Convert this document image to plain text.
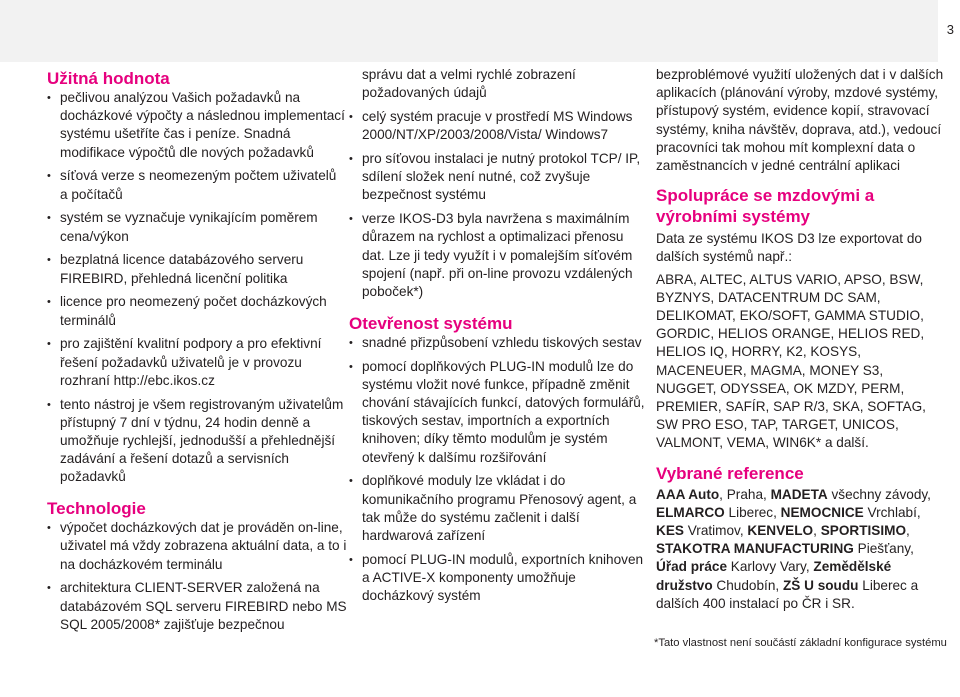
3
Užitná hodnota
• pečlivou analýzou Vašich požadavků na docházkové výpočty a následnou implementací systému ušetříte čas i peníze. Snadná modifikace výpočtů dle nových požadavků
• síťová verze s neomezeným počtem uživatelů a počítačů
• systém se vyznačuje vynikajícím poměrem cena/výkon
• bezplatná licence databázového serveru FIREBIRD, přehledná licenční politika
• licence pro neomezený počet docházkových terminálů
• pro zajištění kvalitní podpory a pro efektivní řešení požadavků uživatelů je v provozu rozhraní http://ebc.ikos.cz
• tento nástroj je všem registrovaným uživatelům přístupný 7 dní v týdnu, 24 hodin denně a umožňuje rychlejší, jednodušší a přehlednější zadávání a řešení dotazů a servisních požadavků
Technologie
• výpočet docházkových dat je prováděn on-line, uživatel má vždy zobrazena aktuální data, a to i na docházkovém terminálu
• architektura CLIENT-SERVER založená na databázovém SQL serveru FIREBIRD nebo MS SQL 2005/2008* zajišťuje bezpečnou

správu dat a velmi rychlé zobrazení požadovaných údajů

• celý systém pracuje v prostředí MS Windows 2000/NT/XP/2003/2008/Vista/ Windows7
• pro síťovou instalaci je nutný protokol TCP/ IP, sdílení složek není nutné, což zvyšuje bezpečnost systému
• verze IKOS-D3 byla navržena s maximálním důrazem na rychlost a optimalizaci přenosu dat. Lze ji tedy využít i v pomalejším síťovém spojení (např. při on-line provozu vzdálených poboček*)
Otevřenost systému
• snadné přizpůsobení vzhledu tiskových sestav
• pomocí doplňkových PLUG-IN modulů lze do systému vložit nové funkce, případně změnit chování stávajících funkcí, datových formulářů, tiskových sestav, importních a exportních knihoven; díky těmto modulům je systém otevřený k dalšímu rozšiřování
• doplňkové moduly lze vkládat i do komunikačního programu Přenosový agent, a tak může do systému začlenit i další hardwarová zařízení
• pomocí PLUG-IN modulů, exportních knihoven a ACTIVE-X komponenty umožňuje docházkový systém

bezproblémové využití uložených dat i v dalších aplikacích (plánování výroby, mzdové systémy, přístupový systém, evidence kopií, stravovací systémy, kniha návštěv, doprava, atd.), vedoucí pracovníci tak mohou mít komplexní data o zaměstnancích v jedné centrální aplikaci

Spolupráce se mzdovými a výrobními systémy

Data ze systému IKOS D3 lze exportovat do dalších systémů např.:

ABRA, ALTEC, ALTUS VARIO, APSO, BSW, BYZNYS, DATACENTRUM DC SAM, DELIKOMAT, EKO/SOFT, GAMMA STUDIO, GORDIC, HELIOS ORANGE, HELIOS RED, HELIOS IQ, HORRY, K2, KOSYS, MACENEUER, MAGMA, MONEY S3, NUGGET, ODYSSEA, OK MZDY, PERM, PREMIER, SAFÍR, SAP R/3, SKA, SOFTAG, SW PRO ESO, TAP, TARGET, UNICOS, VALMONT, VEMA, WIN6K* a další.

Vybrané reference

AAA Auto, Praha, MADETA všechny závody, ELMARCO Liberec, NEMOCNICE Vrchlabí, KES Vratimov, KENVELO, SPORTISIMO, STAKOTRA MANUFACTURING Piešťany, Úřad práce Karlovy Vary, Zemědělské družstvo Chudobín, ZŠ U soudu Liberec a dalších 400 instalací po ČR i SR.

*Tato vlastnost není součástí základní konfigurace systému
